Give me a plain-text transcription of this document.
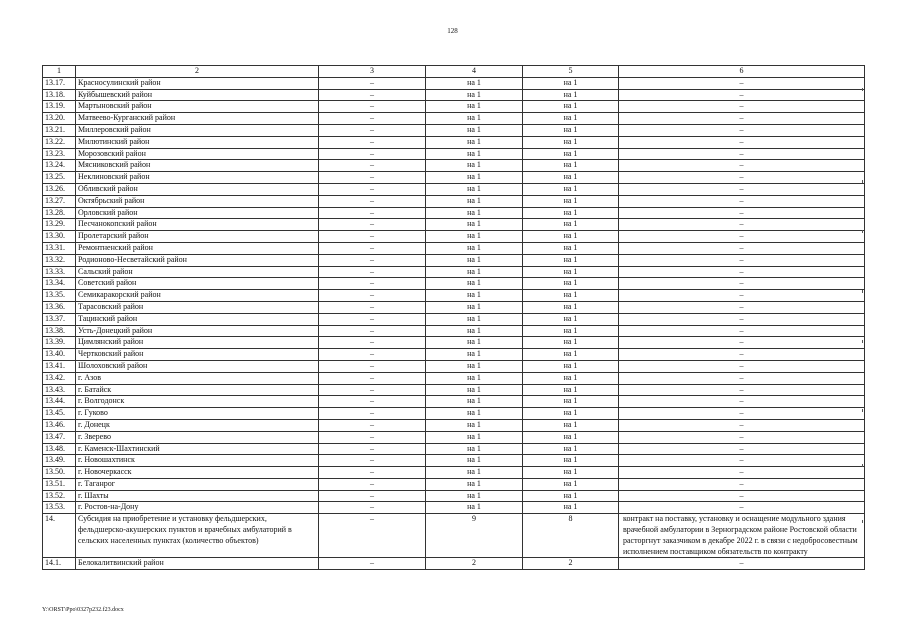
128
1	2	3	4	5	6
13.17.	Красносулинский район	–	на 1	на 1	–
13.18.	Куйбышевский район	–	на 1	на 1	–
13.19.	Мартыновский район	–	на 1	на 1	–
13.20.	Матвеево-Курганский район	–	на 1	на 1	–
13.21.	Миллеровский район	–	на 1	на 1	–
13.22.	Милютинский район	–	на 1	на 1	–
13.23.	Морозовский район	–	на 1	на 1	–
13.24.	Мясниковский район	–	на 1	на 1	–
13.25.	Неклиновский район	–	на 1	на 1	–
13.26.	Обливский район	–	на 1	на 1	–
13.27.	Октябрьский район	–	на 1	на 1	–
13.28.	Орловский район	–	на 1	на 1	–
13.29.	Песчанокопский район	–	на 1	на 1	–
13.30.	Пролетарский район	–	на 1	на 1	–
13.31.	Ремонтненский район	–	на 1	на 1	–
13.32.	Родионово-Несветайский район	–	на 1	на 1	–
13.33.	Сальский район	–	на 1	на 1	–
13.34.	Советский район	–	на 1	на 1	–
13.35.	Семикаракорский район	–	на 1	на 1	–
13.36.	Тарасовский район	–	на 1	на 1	–
13.37.	Тацинский район	–	на 1	на 1	–
13.38.	Усть-Донецкий район	–	на 1	на 1	–
13.39.	Цимлянский район	–	на 1	на 1	–
13.40.	Чертковский район	–	на 1	на 1	–
13.41.	Шолоховский район	–	на 1	на 1	–
13.42.	г. Азов	–	на 1	на 1	–
13.43.	г. Батайск	–	на 1	на 1	–
13.44.	г. Волгодонск	–	на 1	на 1	–
13.45.	г. Гуково	–	на 1	на 1	–
13.46.	г. Донецк	–	на 1	на 1	–
13.47.	г. Зверево	–	на 1	на 1	–
13.48.	г. Каменск-Шахтинский	–	на 1	на 1	–
13.49.	г. Новошахтинск	–	на 1	на 1	–
13.50.	г. Новочеркасск	–	на 1	на 1	–
13.51.	г. Таганрог	–	на 1	на 1	–
13.52.	г. Шахты	–	на 1	на 1	–
13.53.	г. Ростов-на-Дону	–	на 1	на 1	–
14.	Субсидия на приобретение и установку фельдшерских, фельдшерско-акушерских пунктов и врачебных амбулаторий в сельских населенных пунктах (количество объектов)	–	9	8	контракт на поставку, установку и оснащение модульного здания врачебной амбулатории в Зерноградском районе Ростовской области расторгнут заказчиком в декабре 2022 г. в связи с недобросовестным исполнением поставщиком обязательств по контракту
14.1.	Белокалитвинский район	–	2	2	–
Y:\ORST\Ppo\0327p232.f23.docx
